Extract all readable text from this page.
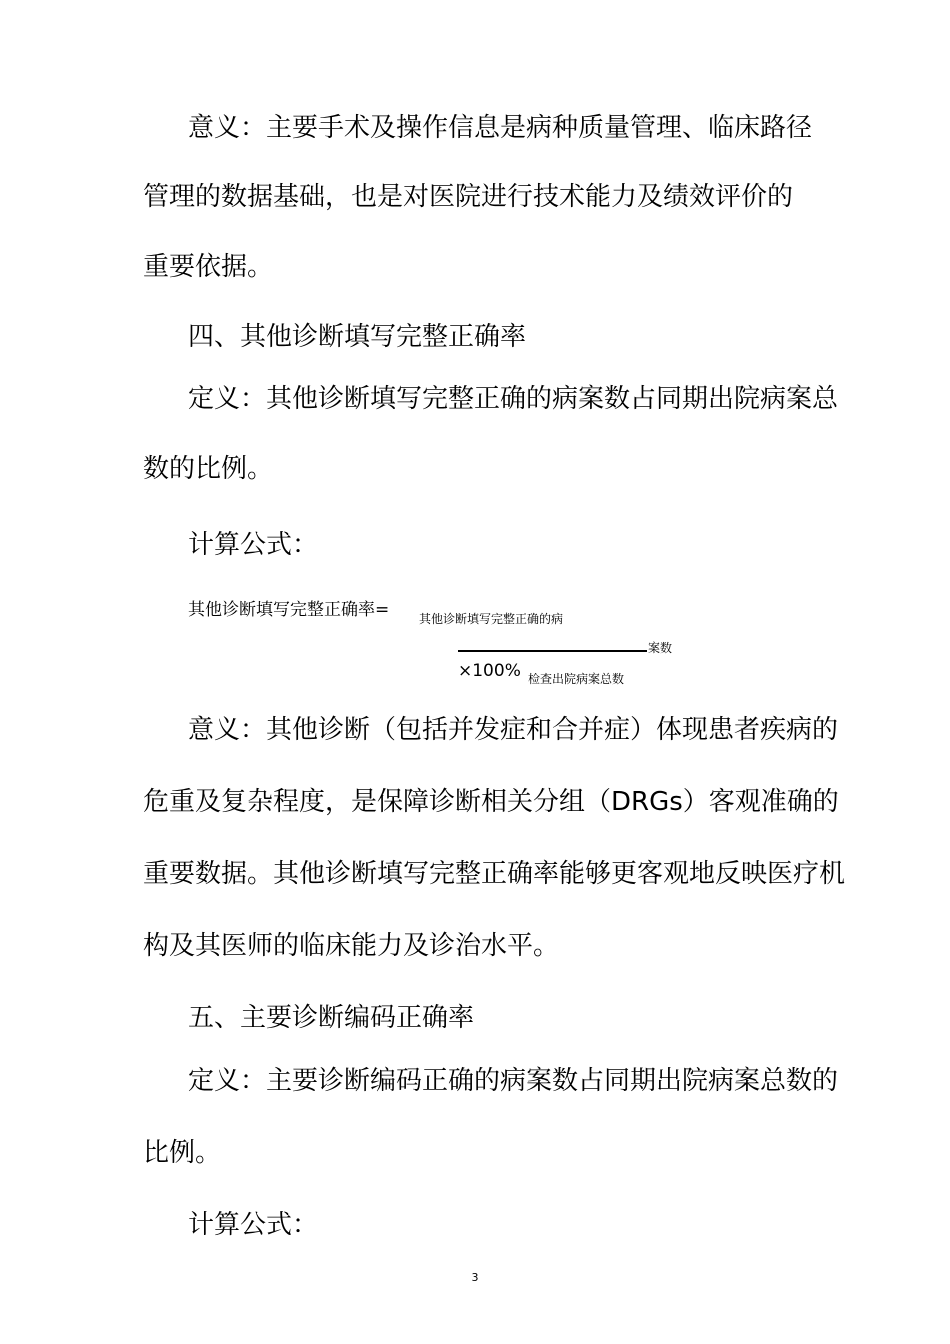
意义：主要手术及操作信息是病种质量管理、临床路径
管理的数据基础，也是对医院进行技术能力及绩效评价的
重要依据。
四、其他诊断填写完整正确率
定义：其他诊断填写完整正确的病案数占同期出院病案总
数的比例。
计算公式：
其他诊断填写完整正确率= 其他诊断填写完整正确的病
案数
×100% 检查出院病案总数
意义：其他诊断（包括并发症和合并症）体现患者疾病的
危重及复杂程度，是保障诊断相关分组（DRGs）客观准确的
重要数据。其他诊断填写完整正确率能够更客观地反映医疗机
构及其医师的临床能力及诊治水平。
五、主要诊断编码正确率
定义：主要诊断编码正确的病案数占同期出院病案总数的
比例。
计算公式：
3
